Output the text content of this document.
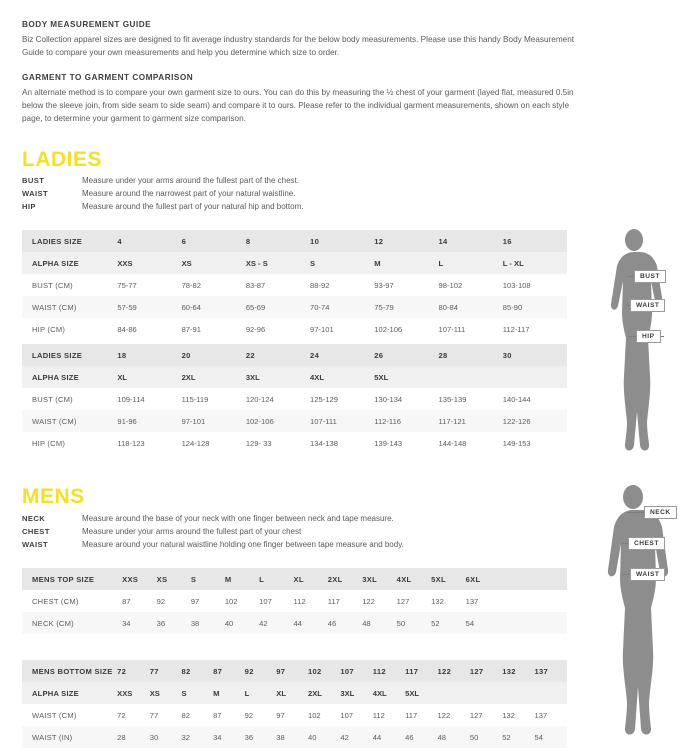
BODY MEASUREMENT GUIDE

Biz Collection apparel sizes are designed to fit average industry standards for the below body measurements. Please use this handy Body Measurement Guide to compare your own measurements and help you determine which size to order.

GARMENT TO GARMENT COMPARISON

An alternate method is to compare your own garment size to ours. You can do this by measuring the ½ chest of your garment (layed flat, measured 0.5in below the sleeve join, from side seam to side seam) and compare it to ours. Please refer to the individual garment measurements, shown on each style page, to determine your garment to garment size comparison.

LADIES
BUST	Measure under your arms around the fullest part of the chest.
WAIST	Measure around the narrowest part of your natural waistline.
HIP	Measure around the fullest part of your natural hip and bottom.
LADIES SIZE	4	6	8	10	12	14	16
ALPHA SIZE	XXS	XS	XS - S	S	M	L	L - XL
BUST (CM)	75-77	78-82	83-87	88-92	93-97	98-102	103-108
WAIST (CM)	57-59	60-64	65-69	70-74	75-79	80-84	85-90
HIP (CM)	84-86	87-91	92-96	97-101	102-106	107-111	112-117
LADIES SIZE	18	20	22	24	26	28	30
ALPHA SIZE	XL	2XL	3XL	4XL	5XL		
BUST (CM)	109-114	115-119	120-124	125-129	130-134	135-139	140-144
WAIST (CM)	91-96	97-101	102-106	107-111	112-116	117-121	122-126
HIP (CM)	118-123	124-128	129- 33	134-138	139-143	144-148	149-153
BUST
WAIST
HIP
MENS
NECK	Measure around the base of your neck with one finger between neck and tape measure.
CHEST	Measure under your arms around the fullest part of your chest
WAIST	Measure around your natural waistline holding one finger between tape measure and body.
MENS TOP SIZE	XXS	XS	S	M	L	XL	2XL	3XL	4XL	5XL	6XL		
CHEST (CM)	87	92	97	102	107	112	117	122	127	132	137		
NECK (CM)	34	36	38	40	42	44	46	48	50	52	54		
MENS BOTTOM SIZE	72	77	82	87	92	97	102	107	112	117	122	127	132	137
ALPHA SIZE	XXS	XS	S	M	L	XL	2XL	3XL	4XL	5XL				
WAIST (CM)	72	77	82	87	92	97	102	107	112	117	122	127	132	137
WAIST (IN)	28	30	32	34	36	38	40	42	44	46	48	50	52	54
NECK
CHEST
WAIST
